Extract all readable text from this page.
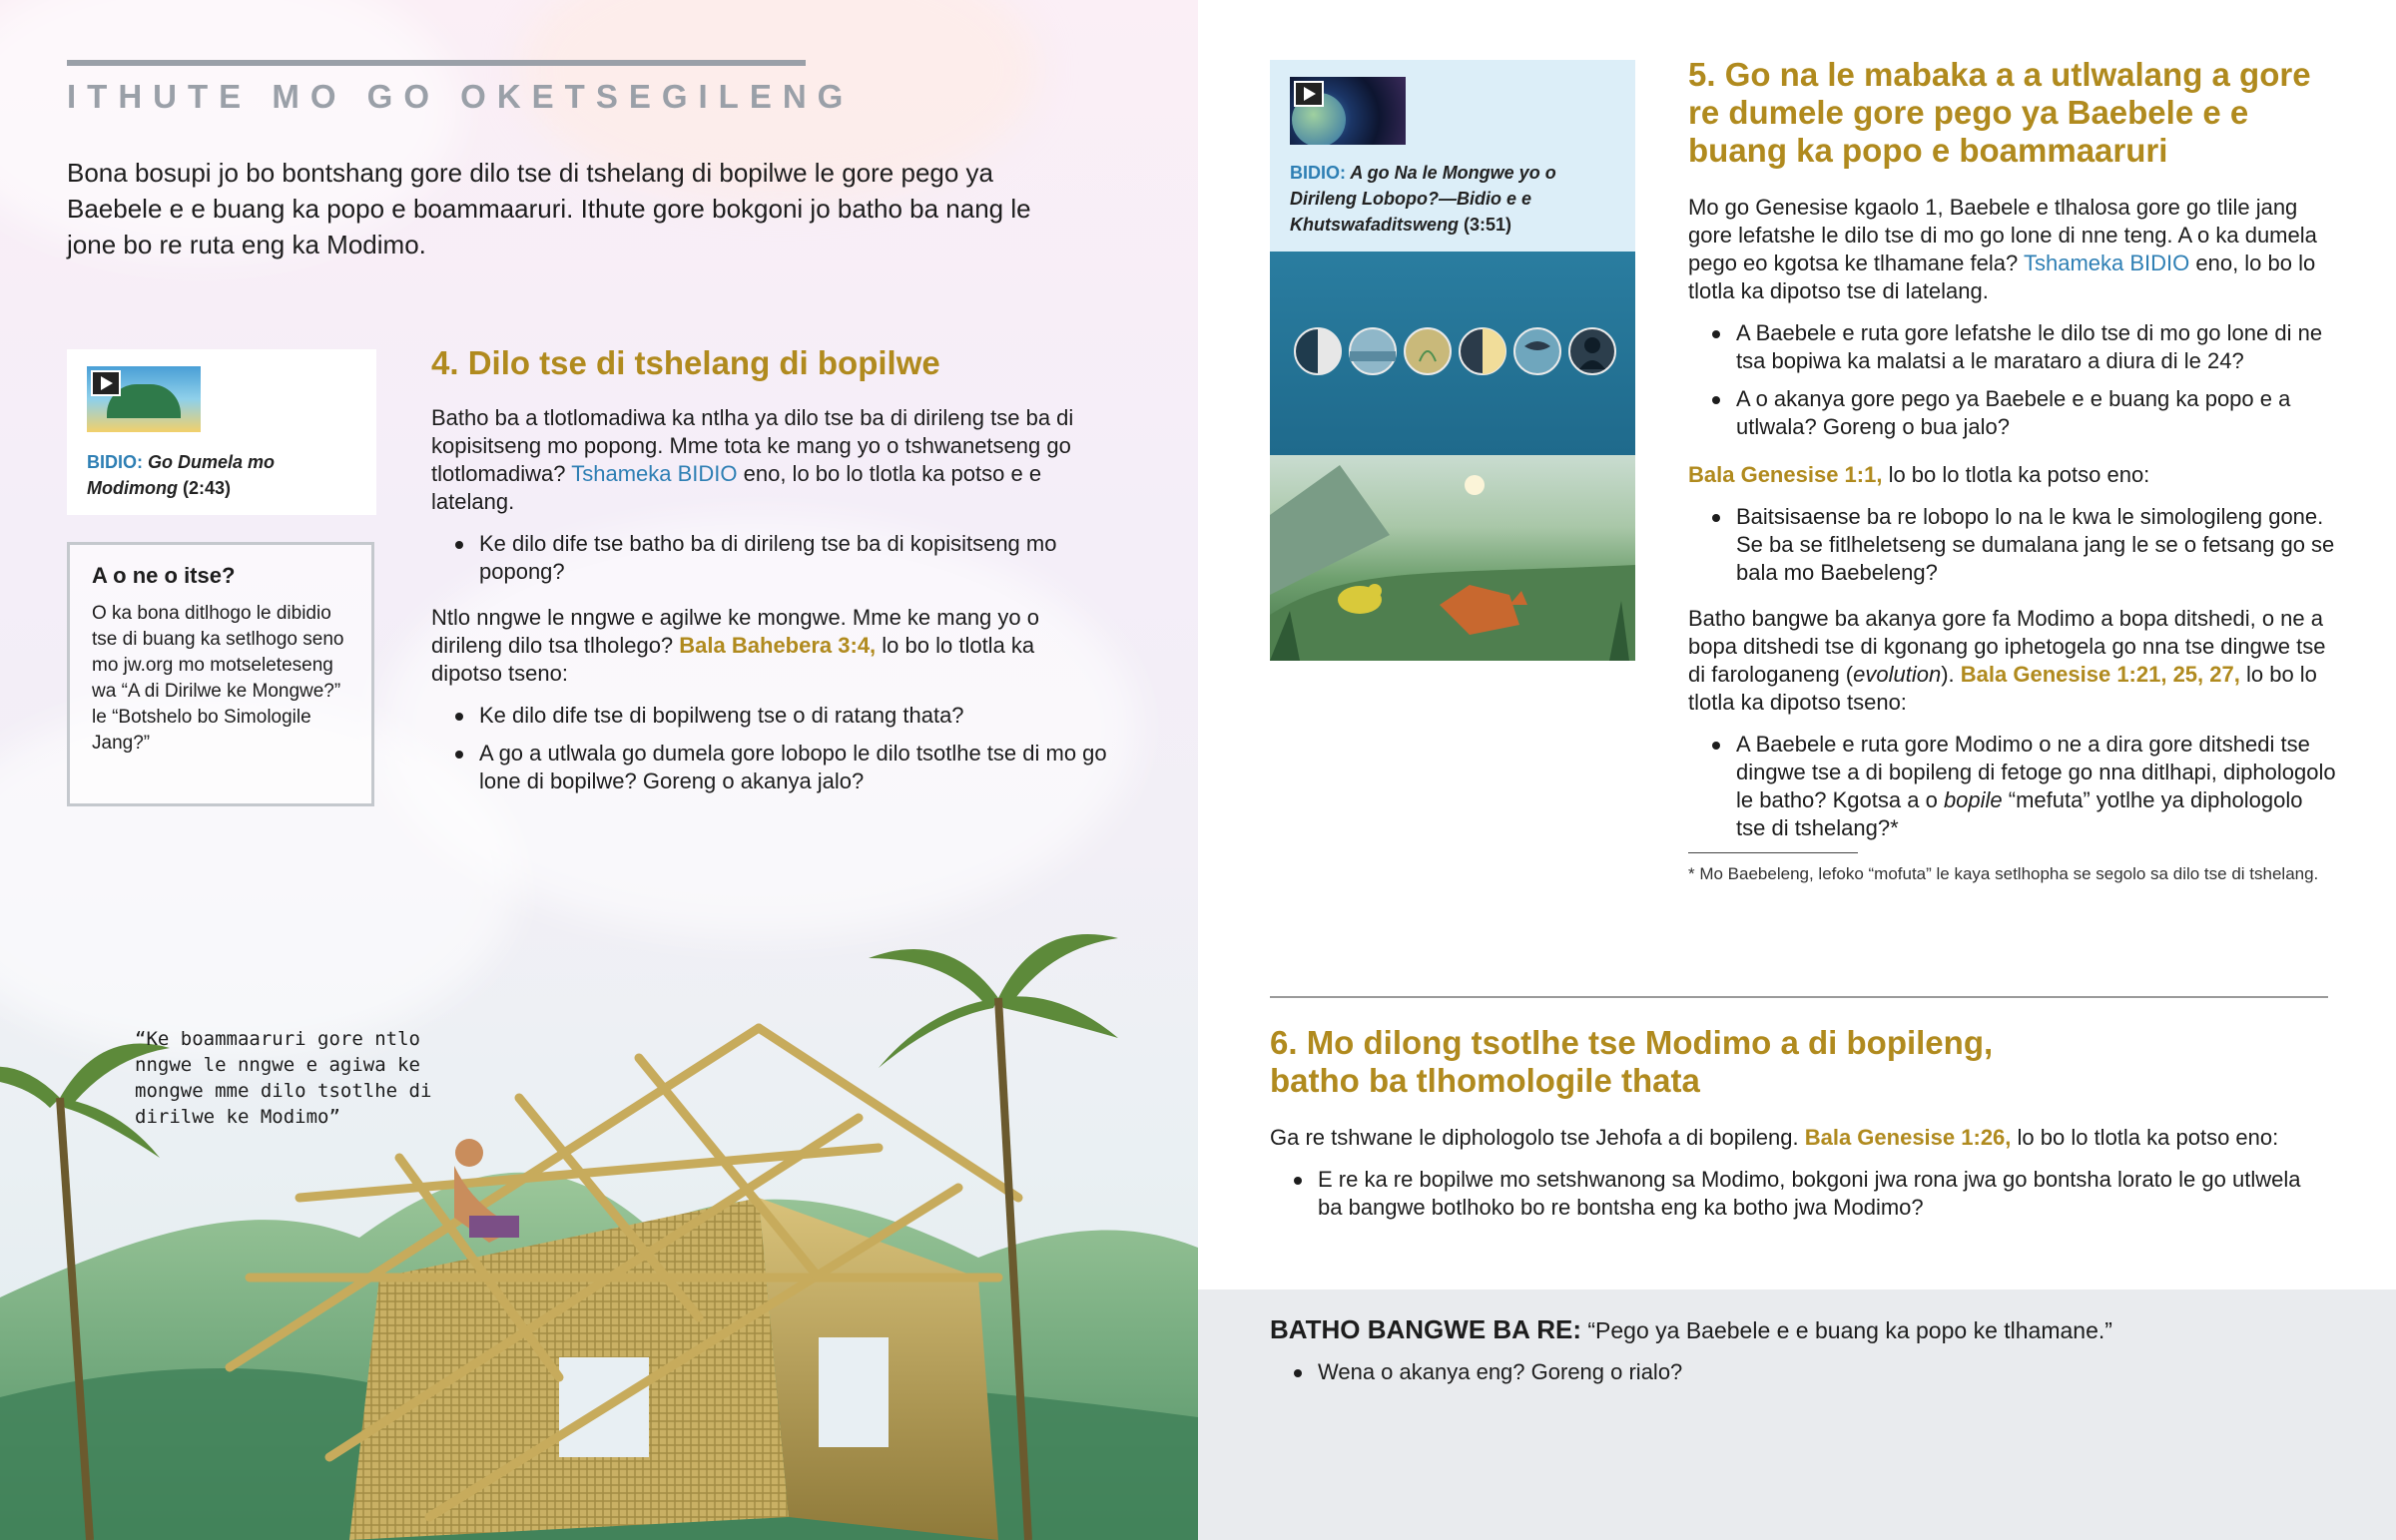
ITHUTE MO GO OKETSEGILENG
Bona bosupi jo bo bontshang gore dilo tse di tshelang di bopilwe le gore pego ya Baebele e e buang ka popo e boammaaruri. Ithute gore bokgoni jo batho ba nang le jone bo re ruta eng ka Modimo.
BIDIO: Go Dumela mo Modimong (2:43)
A o ne o itse?

O ka bona ditlhogo le dibidio tse di buang ka setlhogo seno mo jw.org mo motseleteseng wa “A di Dirilwe ke Mongwe?” le “Botshelo bo Simologile Jang?”

4. Dilo tse di tshelang di bopilwe
Batho ba a tlotlomadiwa ka ntlha ya dilo tse ba di dirileng tse ba di kopisitseng mo popong. Mme tota ke mang yo o tshwanetseng go tlotlomadiwa? Tshameka BIDIO eno, lo bo lo tlotla ka potso e e latelang.
Ke dilo dife tse batho ba di dirileng tse ba di kopisitseng mo popong?
Ntlo nngwe le nngwe e agilwe ke mongwe. Mme ke mang yo o dirileng dilo tsa tlholego? Bala Bahebera 3:4, lo bo lo tlotla ka dipotso tseno:
Ke dilo dife tse di bopilweng tse o di ratang thata?
A go a utlwala go dumela gore lobopo le dilo tsotlhe tse di mo go lone di bopilwe? Goreng o akanya jalo?
“Ke boammaaruri gore ntlo nngwe le nngwe e agiwa ke mongwe mme dilo tsotlhe di dirilwe ke Modimo”
BIDIO: A go Na le Mongwe yo o Dirileng Lobopo?—Bidio e e Khutswafaditsweng (3:51)
5. Go na le mabaka a a utlwalang a gore re dumele gore pego ya Baebele e e buang ka popo e boammaaruri
Mo go Genesise kgaolo 1, Baebele e tlhalosa gore go tlile jang gore lefatshe le dilo tse di mo go lone di nne teng. A o ka dumela pego eo kgotsa ke tlhamane fela? Tshameka BIDIO eno, lo bo lo tlotla ka dipotso tse di latelang.
A Baebele e ruta gore lefatshe le dilo tse di mo go lone di ne tsa bopiwa ka malatsi a le marataro a diura di le 24?
A o akanya gore pego ya Baebele e e buang ka popo e a utlwala? Goreng o bua jalo?
Bala Genesise 1:1, lo bo lo tlotla ka potso eno:
Baitsisaense ba re lobopo lo na le kwa le simologileng gone. Se ba se fitlheletseng se dumalana jang le se o fetsang go se bala mo Baebeleng?
Batho bangwe ba akanya gore fa Modimo a bopa ditshedi, o ne a bopa ditshedi tse di kgonang go iphetogela go nna tse dingwe tse di farologaneng (evolution). Bala Genesise 1:21, 25, 27, lo bo lo tlotla ka dipotso tseno:
A Baebele e ruta gore Modimo o ne a dira gore ditshedi tse dingwe tse a di bopileng di fetoge go nna ditlhapi, diphologolo le batho? Kgotsa a o bopile “mefuta” yotlhe ya diphologolo tse di tshelang?*
* Mo Baebeleng, lefoko “mofuta” le kaya setlhopha se segolo sa dilo tse di tshelang.
6. Mo dilong tsotlhe tse Modimo a di bopileng,
batho ba tlhomologile thata
Ga re tshwane le diphologolo tse Jehofa a di bopileng. Bala Genesise 1:26, lo bo lo tlotla ka potso eno:
E re ka re bopilwe mo setshwanong sa Modimo, bokgoni jwa rona jwa go bontsha lorato le go utlwela ba bangwe botlhoko bo re bontsha eng ka botho jwa Modimo?
BATHO BANGWE BA RE: “Pego ya Baebele e e buang ka popo ke tlhamane.”
Wena o akanya eng? Goreng o rialo?
